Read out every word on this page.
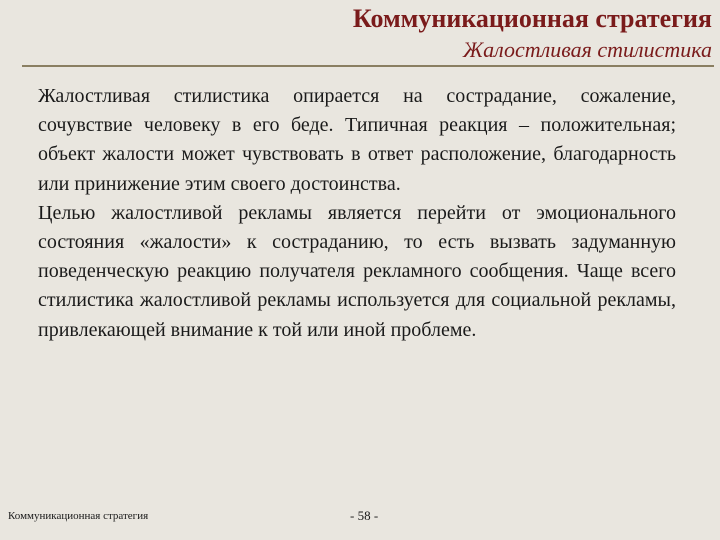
Коммуникационная стратегия
Жалостливая стилистика

Жалостливая стилистика опирается на сострадание, сожаление, сочувствие человеку в его беде. Типичная реакция – положительная; объект жалости может чувствовать в ответ расположение, благодарность или принижение этим своего достоинства.

Целью жалостливой рекламы является перейти от эмоционального состояния «жалости» к состраданию, то есть вызвать задуманную поведенческую реакцию получателя рекламного сообщения. Чаще всего стилистика жалостливой рекламы используется для социальной рекламы, привлекающей внимание к той или иной проблеме.

Коммуникационная стратегия	- 58 -
